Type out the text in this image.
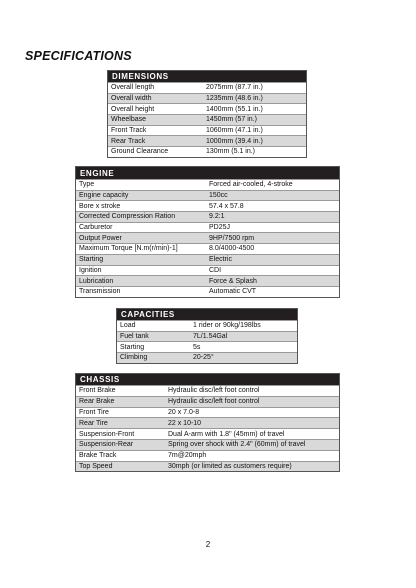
SPECIFICATIONS
DIMENSIONS
Overall length	2075mm (87.7 in.)
Overall width	1235mm (48.6 in.)
Overall height	1400mm (55.1 in.)
Wheelbase	1450mm (57 in.)
Front Track	1060mm (47.1 in.)
Rear Track	1000mm (39.4 in.)
Ground Clearance	130mm (5.1 in.)
ENGINE
Type	Forced air-cooled, 4-stroke
Engine capacity	150cc
Bore x stroke	57.4 x 57.8
Corrected Compression Ration	9.2:1
Carburetor	PD25J
Output Power	9HP/7500 rpm
Maximum Torque [N.m(r/min)-1]	8.0/4000-4500
Starting	Electric
Ignition	CDI
Lubrication	Force & Splash
Transmission	Automatic CVT
CAPACITIES
Load	1 rider or 90kg/198lbs
Fuel tank	7L/1.54Gal
Starting	5s
Climbing	20-25°
CHASSIS
Front Brake	Hydraulic disc/left foot control
Rear Brake	Hydraulic disc/left foot control
Front Tire	20 x 7.0-8
Rear Tire	22 x 10-10
Suspension-Front	Dual A-arm with 1.8" (45mm) of travel
Suspension-Rear	Spring over shock with 2.4" (60mm) of travel
Brake Track	7m@20mph
Top Speed	30mph (or limited as customers require)
2
